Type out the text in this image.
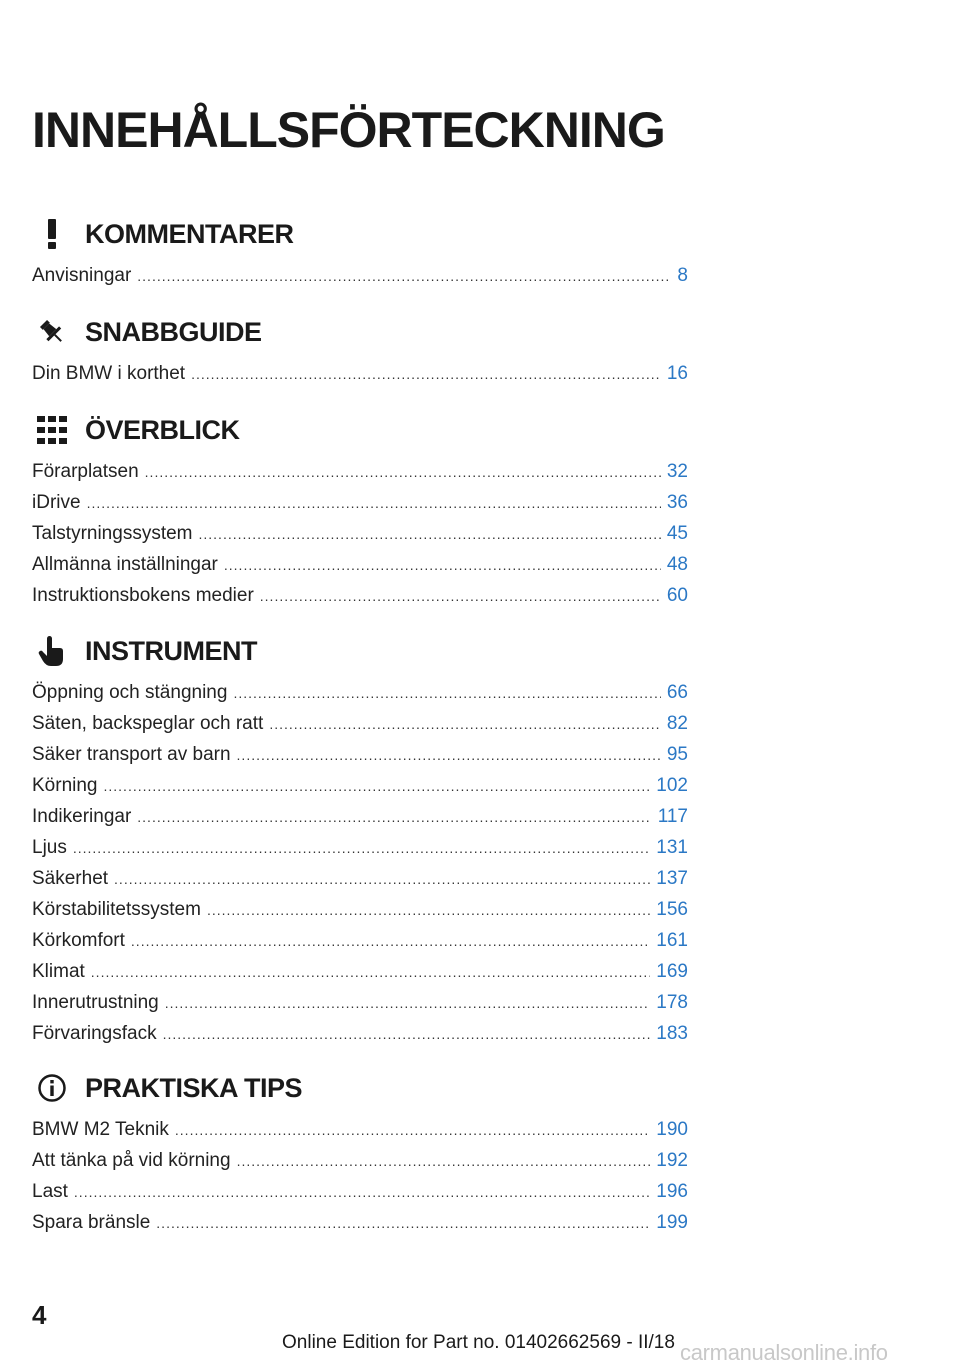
INNEHÅLLSFÖRTECKNING
KOMMENTARER
Anvisningar .....	8
SNABBGUIDE
Din BMW i korthet .....	16
ÖVERBLICK
Förarplatsen .....	32
iDrive .....	36
Talstyrningssystem .....	45
Allmänna inställningar .....	48
Instruktionsbokens medier .....	60
INSTRUMENT
Öppning och stängning .....	66
Säten, backspeglar och ratt .....	82
Säker transport av barn .....	95
Körning .....	102
Indikeringar .....	117
Ljus .....	131
Säkerhet .....	137
Körstabilitetssystem .....	156
Körkomfort .....	161
Klimat .....	169
Innerutrustning .....	178
Förvaringsfack .....	183
PRAKTISKA TIPS
BMW M2 Teknik .....	190
Att tänka på vid körning .....	192
Last .....	196
Spara bränsle .....	199
4
Online Edition for Part no. 01402662569 - II/18 carmanualsonline.info
